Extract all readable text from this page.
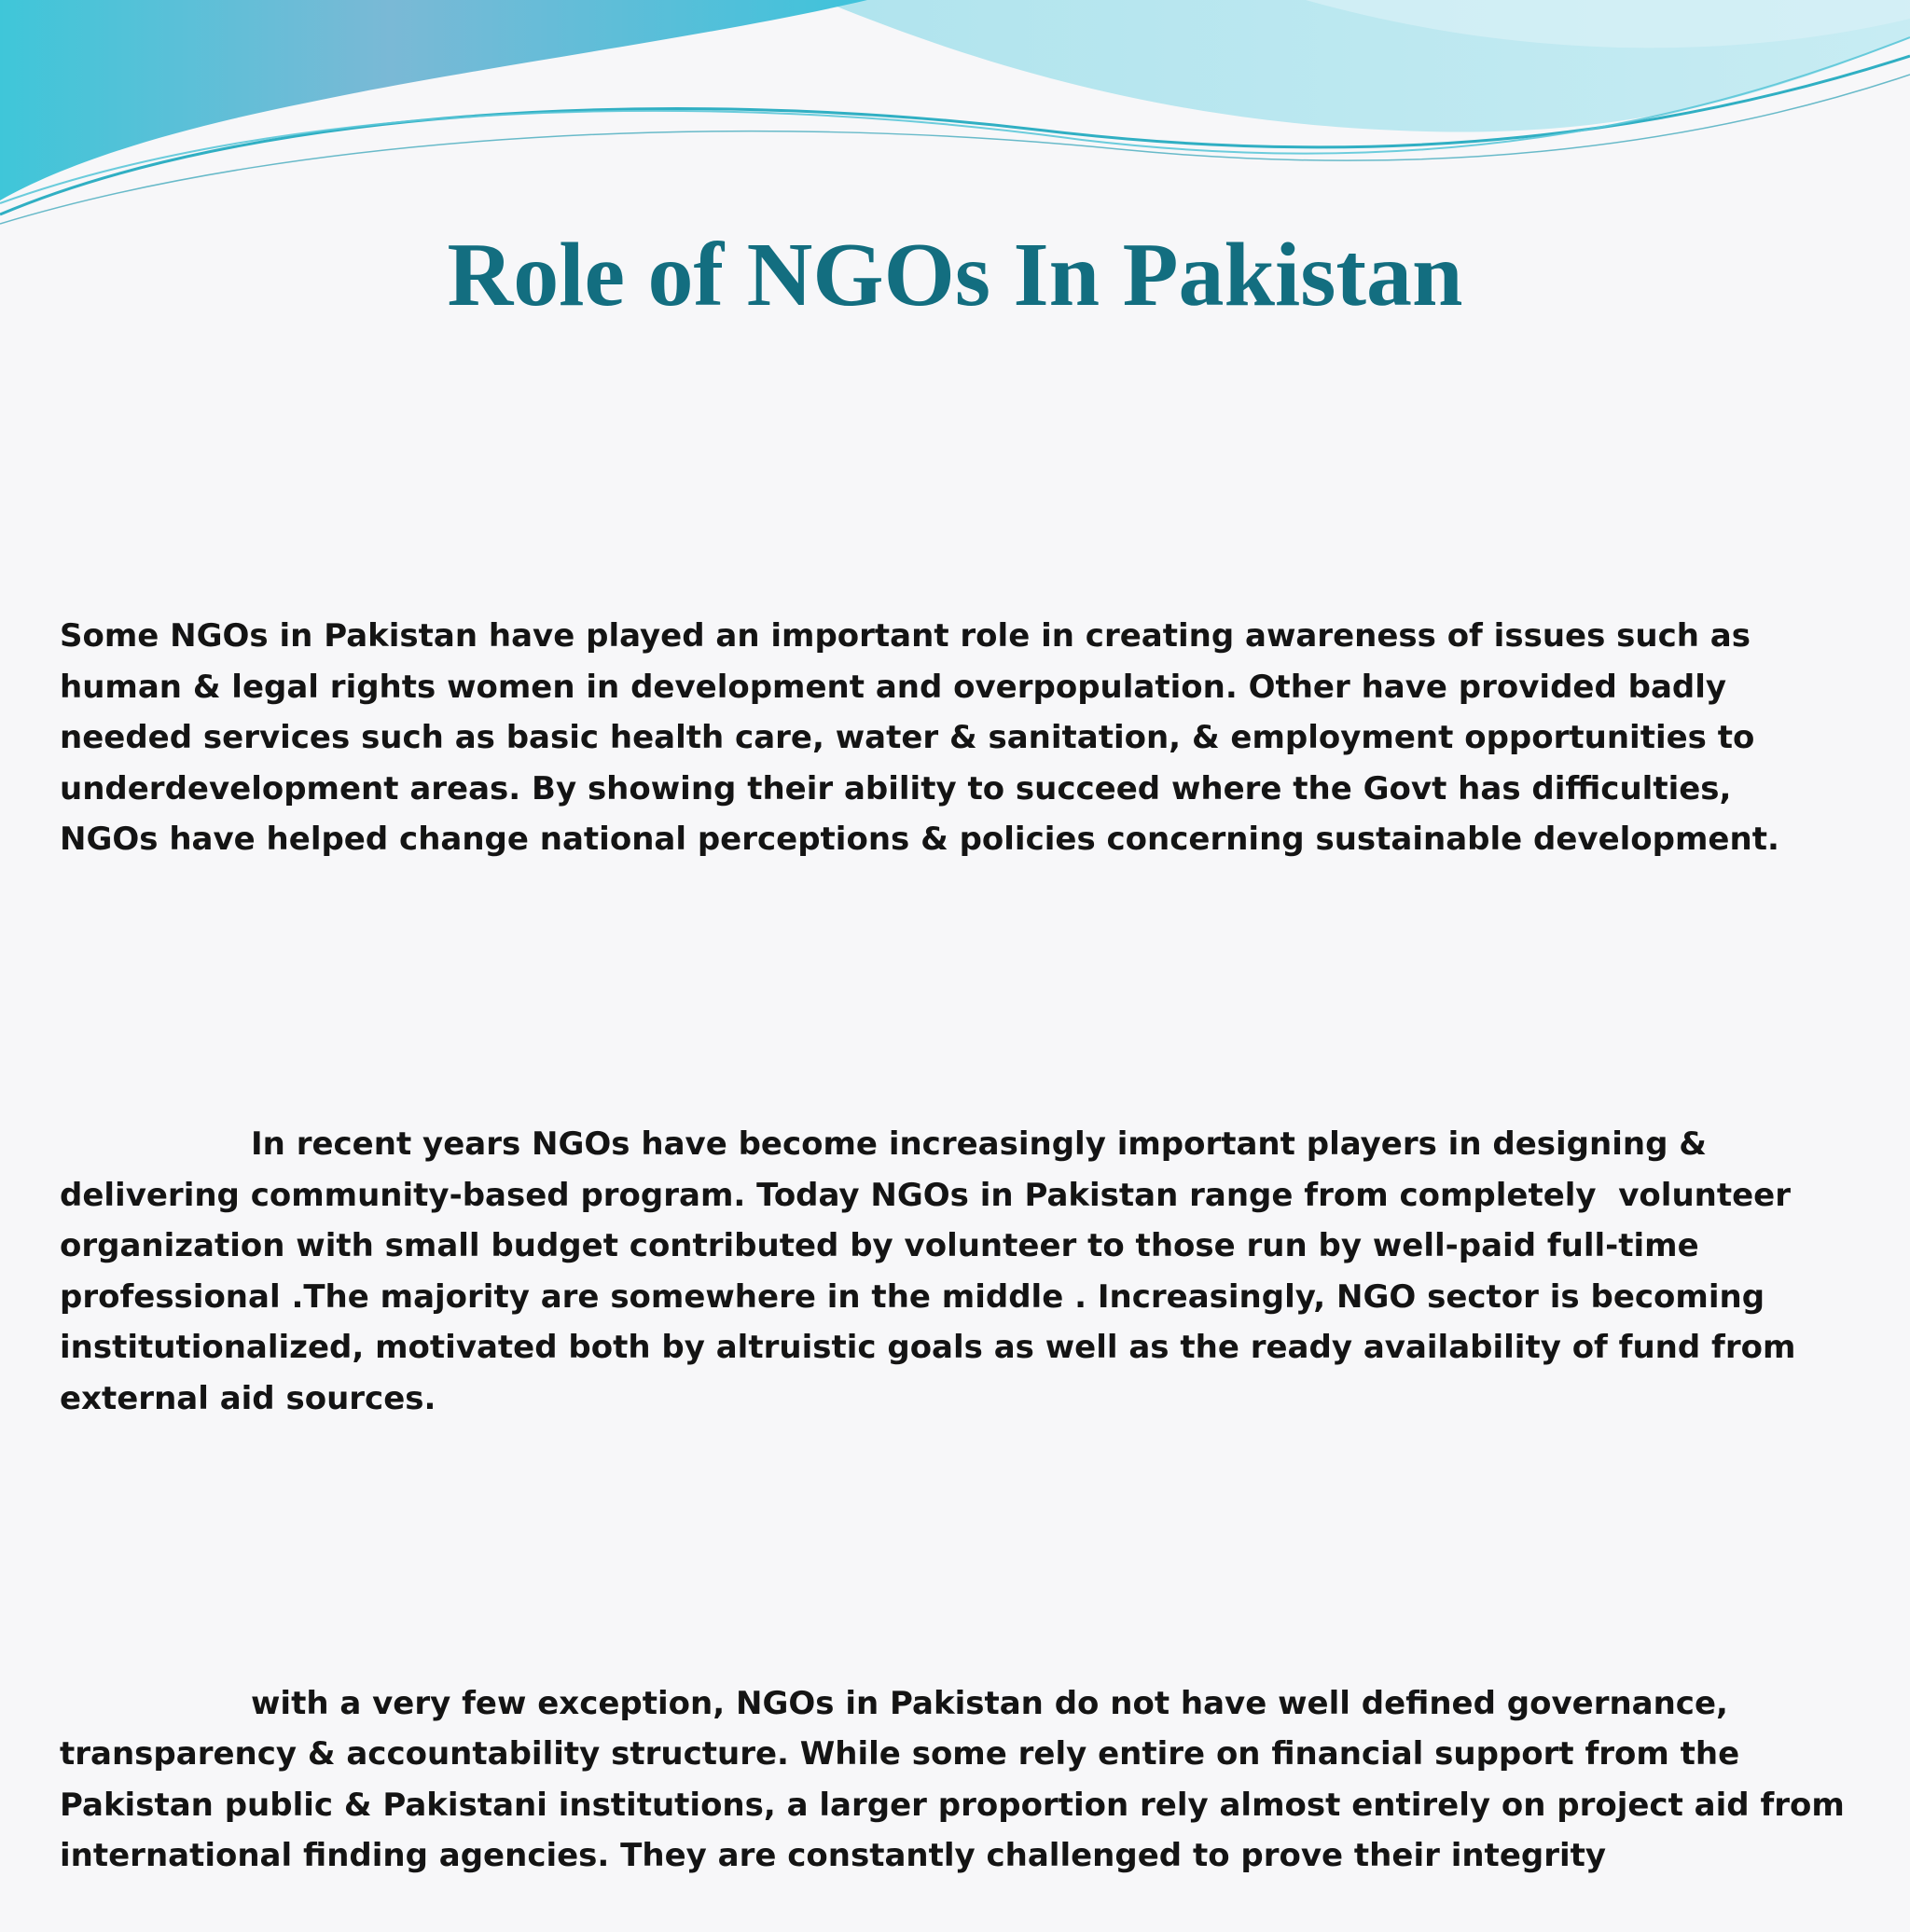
Role of NGOs In Pakistan

Some NGOs in Pakistan have played an important role in creating awareness of issues such as
human & legal rights women in development and overpopulation. Other have provided badly
needed services such as basic health care, water & sanitation, & employment opportunities to
underdevelopment areas. By showing their ability to succeed where the Govt has difficulties,
NGOs have helped change national perceptions & policies concerning sustainable development.

In recent years NGOs have become increasingly important players in designing &
delivering community-based program. Today NGOs in Pakistan range from completely  volunteer
organization with small budget contributed by volunteer to those run by well-paid full-time
professional .The majority are somewhere in the middle . Increasingly, NGO sector is becoming
institutionalized, motivated both by altruistic goals as well as the ready availability of fund from
external aid sources.

with a very few exception, NGOs in Pakistan do not have well defined governance,
transparency & accountability structure. While some rely entire on financial support from the
Pakistan public & Pakistani institutions, a larger proportion rely almost entirely on project aid from
international finding agencies. They are constantly challenged to prove their integrity
